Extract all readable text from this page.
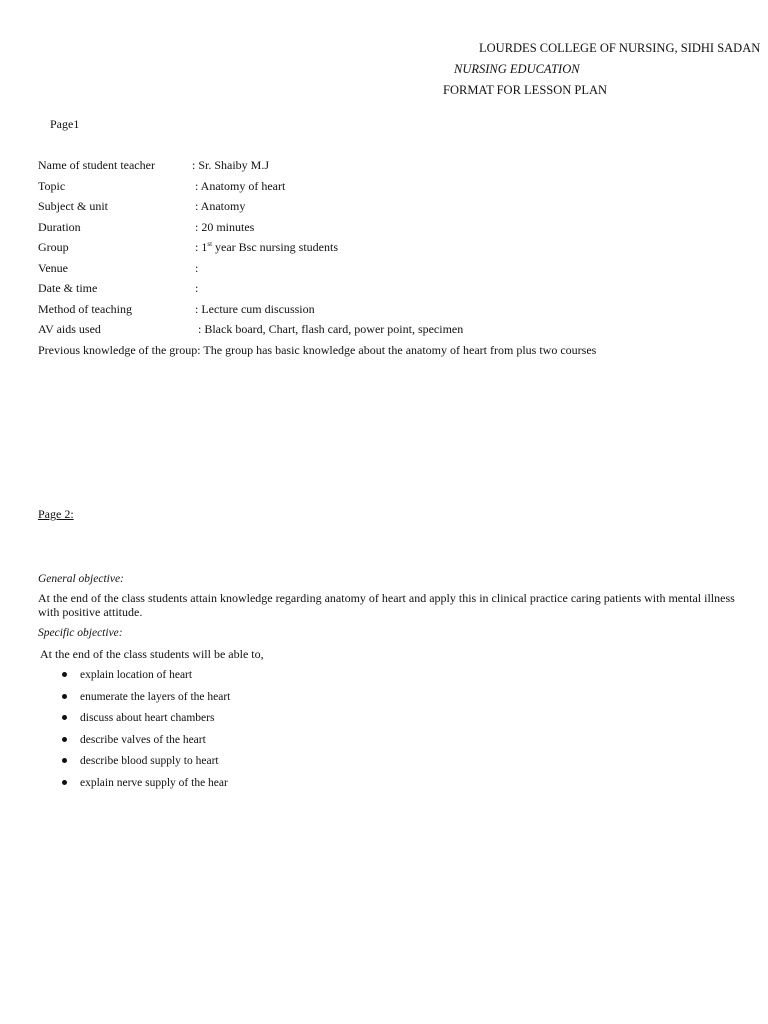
LOURDES COLLEGE OF NURSING, SIDHI SADAN
NURSING EDUCATION
FORMAT FOR LESSON PLAN
Page1
Name of student teacher	: Sr. Shaiby M.J
Topic	: Anatomy of heart
Subject & unit	: Anatomy
Duration	: 20 minutes
Group	: 1st year Bsc nursing students
Venue	:
Date & time	:
Method of teaching	: Lecture cum discussion
AV aids used	: Black board, Chart, flash card, power point, specimen
Previous knowledge of the group: The group has basic knowledge about the anatomy of heart from plus two courses
Page 2:
General objective:
At the end of the class students attain knowledge regarding anatomy of heart and apply this in clinical practice caring patients with mental illness with positive attitude.
Specific objective:
At the end of the class students will be able to,
explain location of heart
enumerate the layers of the heart
discuss about heart chambers
describe valves of the heart
describe blood supply to heart
explain nerve supply of the hear
